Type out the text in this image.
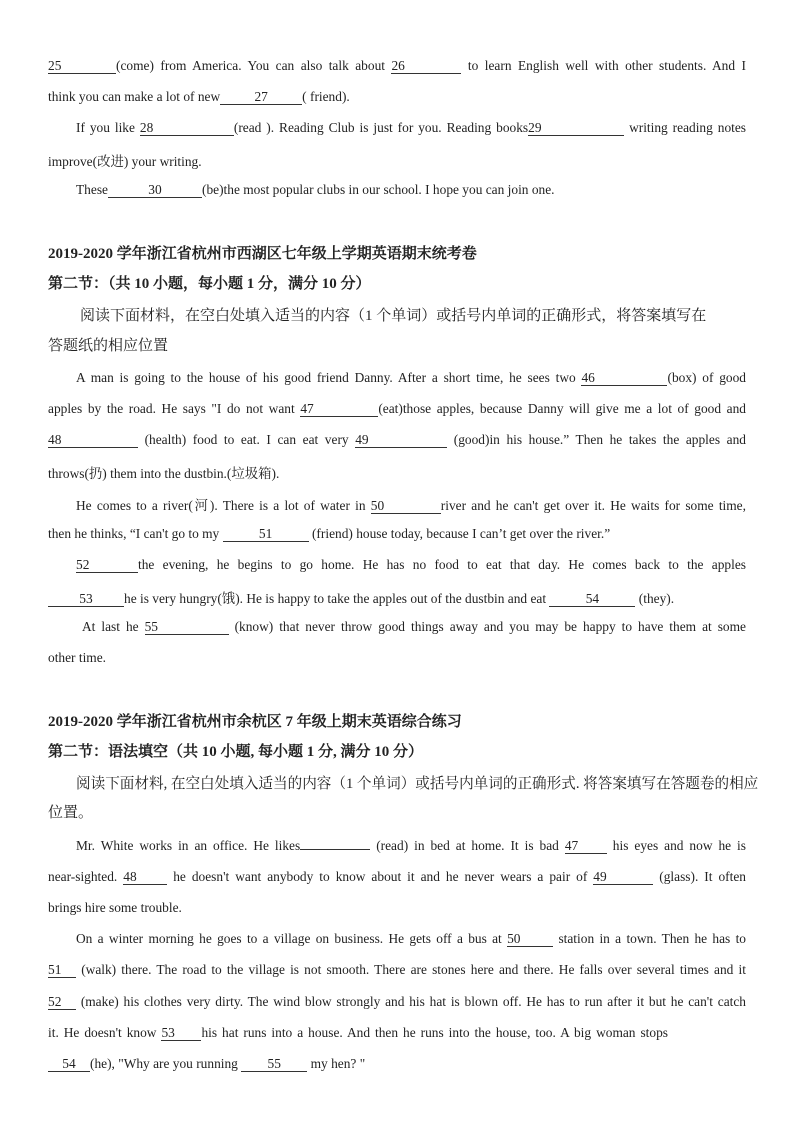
25	(come) from America. You can also talk about 26	to learn English well with other students. And I
think you can make a lot of new	27	( friend).
If you like 28	(read ). Reading Club is just for you. Reading books29	writing reading notes
improve(改进) your writing.
These	30	(be)the most popular clubs in our school. I hope you can join one.
2019-2020 学年浙江省杭州市西湖区七年级上学期英语期末统考卷
第二节：（共 10 小题，每小题 1 分，满分 10 分）
阅读下面材料，在空白处填入适当的内容（1 个单词）或括号内单词的正确形式，将答案填写在
答题纸的相应位置
A man is going to the house of his good friend Danny. After a short time, he sees two 46	(box) of good
apples by the road. He says "I do not want 47	(eat)those apples, because Danny will give me a lot of good and
48	(health) food to eat. I can eat very 49	(good)in his house.” Then he takes the apples and
throws(扔) them into the dustbin.(垃圾箱).
He comes to a river(河). There is a lot of water in 50	river and he can't get over it. He waits for some time,
then he thinks, “I can't go to my	51	(friend) house today, because I can’t get over the river.”
52	the evening, he begins to go home. He has no food to eat that day. He comes back to the apples
53 he is very hungry(饿). He is happy to take the apples out of the dustbin and eat	54	(they).
At last he 55	(know) that never throw good things away and you may be happy to have them at some
other time.
2019-2020 学年浙江省杭州市余杭区 7 年级上期末英语综合练习
第二节：语法填空（共 10 小题, 每小题 1 分, 满分 10 分）
阅读下面材料, 在空白处填入适当的内容（1 个单词）或括号内单词的正确形式. 将答案填写在答题卷的相应
位置。
Mr. White works in an office. He likes	(read) in bed at home. It is bad 47	his eyes and now he is
near-sighted. 48	he doesn't want anybody to know about it and he never wears a pair of 49	(glass). It often
brings hire some trouble.
On a winter morning he goes to a village on business. He gets off a bus at 50	station in a town. Then he has to
51 (walk) there. The road to the village is not smooth. There are stones here and there. He falls over several times and it
52 (make) his clothes very dirty. The wind blow strongly and his hat is blown off. He has to run after it but he can't catch
it. He doesn't know 53 his hat runs into a house. And then he runs into the house, too. A big woman stops
54 (he), "Why are you running 55 my hen? "
